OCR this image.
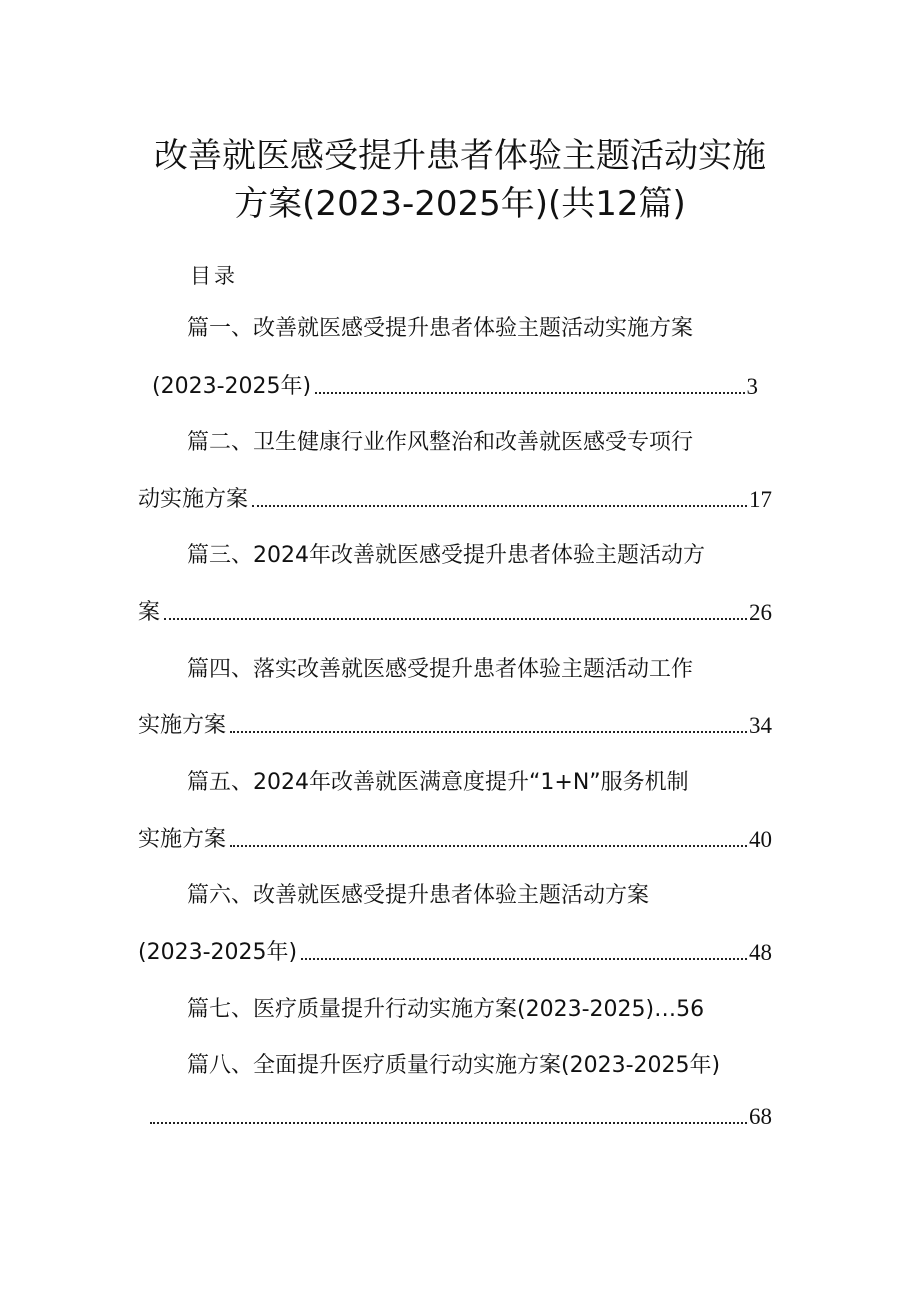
改善就医感受提升患者体验主题活动实施
方案(2023-2025年)(共12篇)
目录
篇一、改善就医感受提升患者体验主题活动实施方案
(2023-2025年)	3
篇二、卫生健康行业作风整治和改善就医感受专项行
动实施方案	17
篇三、2024年改善就医感受提升患者体验主题活动方
案	26
篇四、落实改善就医感受提升患者体验主题活动工作
实施方案	34
篇五、2024年改善就医满意度提升“1+N”服务机制
实施方案	40
篇六、改善就医感受提升患者体验主题活动方案
(2023-2025年)	48
篇七、医疗质量提升行动实施方案(2023-2025)…56
篇八、全面提升医疗质量行动实施方案(2023-2025年)
68
